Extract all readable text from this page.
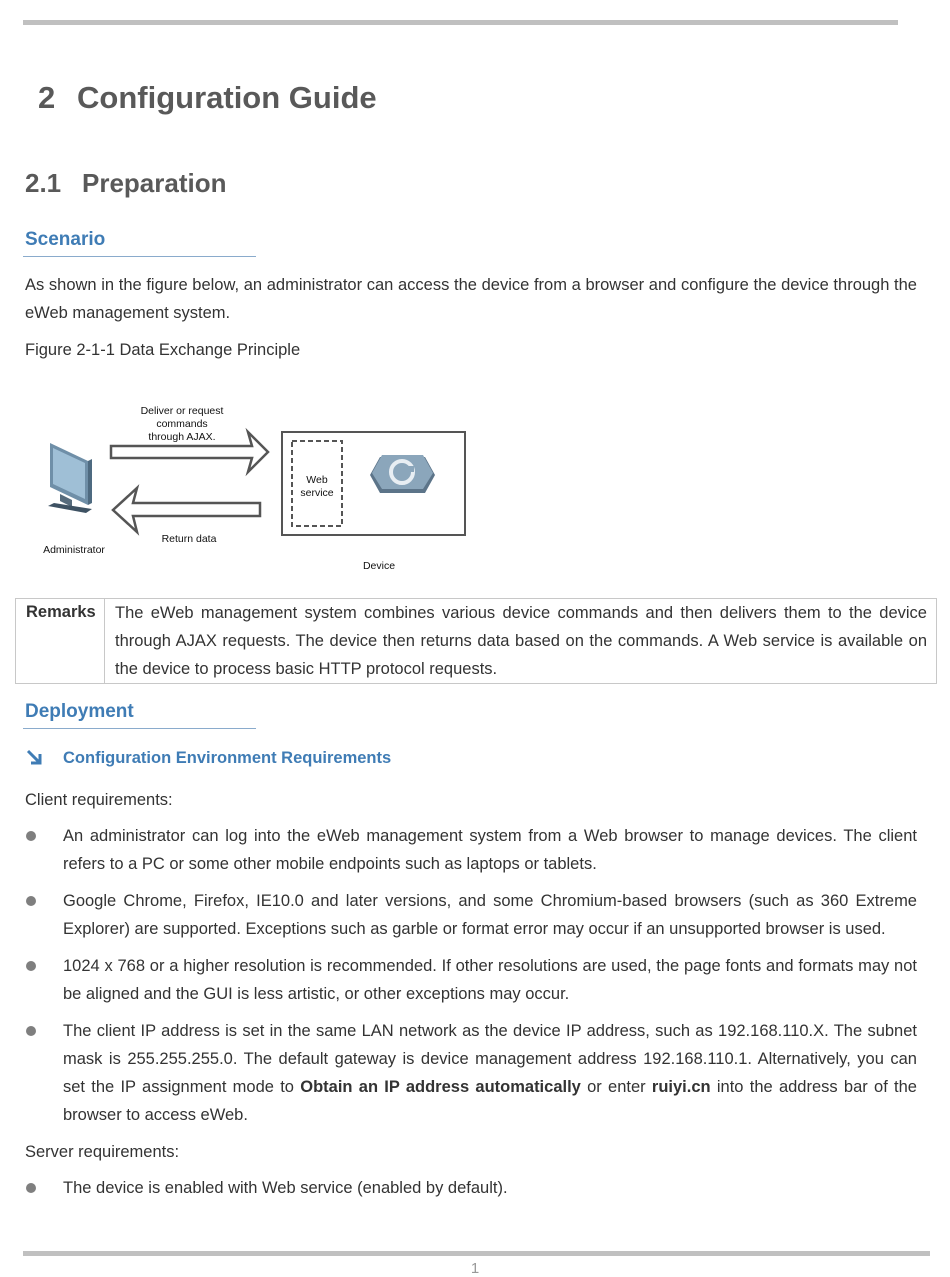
2 Configuration Guide
2.1 Preparation
Scenario

As shown in the figure below, an administrator can access the device from a browser and configure the device through the eWeb management system.

Figure 2-1-1 Data Exchange Principle

Deliver or request
commands
through AJAX.
Web
service
Return data
Administrator
Device
Remarks	The eWeb management system combines various device commands and then delivers them to the device through AJAX requests. The device then returns data based on the commands. A Web service is available on the device to process basic HTTP protocol requests.
Deployment
Configuration Environment Requirements

Client requirements:

An administrator can log into the eWeb management system from a Web browser to manage devices. The client refers to a PC or some other mobile endpoints such as laptops or tablets.
Google Chrome, Firefox, IE10.0 and later versions, and some Chromium-based browsers (such as 360 Extreme Explorer) are supported. Exceptions such as garble or format error may occur if an unsupported browser is used.
1024 x 768 or a higher resolution is recommended. If other resolutions are used, the page fonts and formats may not be aligned and the GUI is less artistic, or other exceptions may occur.
The client IP address is set in the same LAN network as the device IP address, such as 192.168.110.X. The subnet mask is 255.255.255.0. The default gateway is device management address 192.168.110.1. Alternatively, you can set the IP assignment mode to Obtain an IP address automatically or enter ruiyi.cn into the address bar of the browser to access eWeb.

Server requirements:

The device is enabled with Web service (enabled by default).
1
